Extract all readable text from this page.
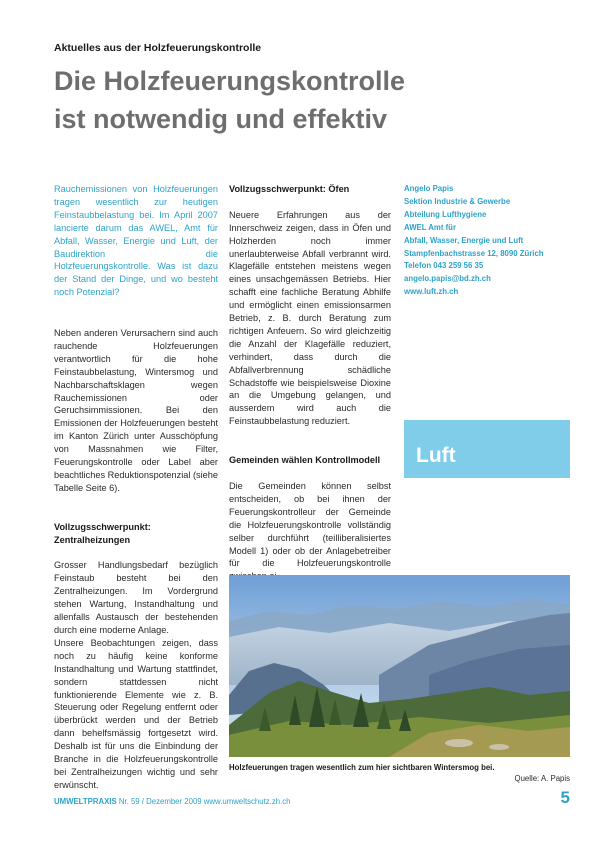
Aktuelles aus der Holzfeuerungskontrolle
Die Holzfeuerungskontrolle
ist notwendig und effektiv
Rauchemissionen von Holzfeuerungen tragen wesentlich zur heutigen Feinstaubbelastung bei. Im April 2007 lancierte darum das AWEL, Amt für Abfall, Wasser, Energie und Luft, der Baudirektion die Holzfeuerungskontrolle. Was ist dazu der Stand der Dinge, und wo besteht noch Potenzial?

Neben anderen Verursachern sind auch rauchende Holzfeuerungen verantwortlich für die hohe Feinstaubbelastung, Wintersmog und Nachbarschaftsklagen wegen Rauchemissionen oder Geruchsimmissionen. Bei den Emissionen der Holzfeuerungen besteht im Kanton Zürich unter Ausschöpfung von Massnahmen wie Filter, Feuerungskontrolle oder Label aber beachtliches Reduktionspotenzial (siehe Tabelle Seite 6).

Vollzugsschwerpunkt:

Zentralheizungen

Grosser Handlungsbedarf bezüglich Feinstaub besteht bei den Zentralheizungen. Im Vordergrund stehen Wartung, Instandhaltung und allenfalls Austausch der bestehenden durch eine moderne Anlage.

Unsere Beobachtungen zeigen, dass noch zu häufig keine konforme Instandhaltung und Wartung stattfindet, sondern stattdessen nicht funktionierende Elemente wie z. B. Steuerung oder Regelung entfernt oder überbrückt werden und der Betrieb dann behelfsmässig fortgesetzt wird. Deshalb ist für uns die Einbindung der Branche in die Holzfeuerungskontrolle bei Zentralheizungen wichtig und sehr erwünscht.

Vollzugsschwerpunkt: Öfen

Neuere Erfahrungen aus der Innerschweiz zeigen, dass in Öfen und Holzherden noch immer unerlaubterweise Abfall verbrannt wird. Klagefälle entstehen meistens wegen eines unsachgemässen Betriebs. Hier schafft eine fachliche Beratung Abhilfe und ermöglicht einen emissionsarmen Betrieb, z. B. durch Beratung zum richtigen Anfeuern. So wird gleichzeitig die Anzahl der Klagefälle reduziert, verhindert, dass durch die Abfallverbrennung schädliche Schadstoffe wie beispielsweise Dioxine an die Umgebung gelangen, und ausserdem wird auch die Feinstaubbelastung reduziert.

Gemeinden wählen Kontrollmodell

Die Gemeinden können selbst entscheiden, ob bei ihnen der Feuerungskontrolleur der Gemeinde die Holzfeuerungskontrolle vollständig selber durchführt (teilliberalisiertes Modell 1) oder ob der Anlagebetreiber für die Holzfeuerungskontrolle

Angelo Papis
Sektion Industrie & Gewerbe
Abteilung Lufthygiene
AWEL Amt für
Abfall, Wasser, Energie und Luft
Stampfenbachstrasse 12, 8090 Zürich
Telefon 043 259 56 35
angelo.papis@bd.zh.ch
www.luft.zh.ch
Luft
Holzfeuerungen tragen wesentlich zum hier sichtbaren Wintersmog bei.
Quelle: A. Papis
UMWELTPRAXIS Nr. 59 / Dezember 2009 www.umweltschutz.zh.ch	5
